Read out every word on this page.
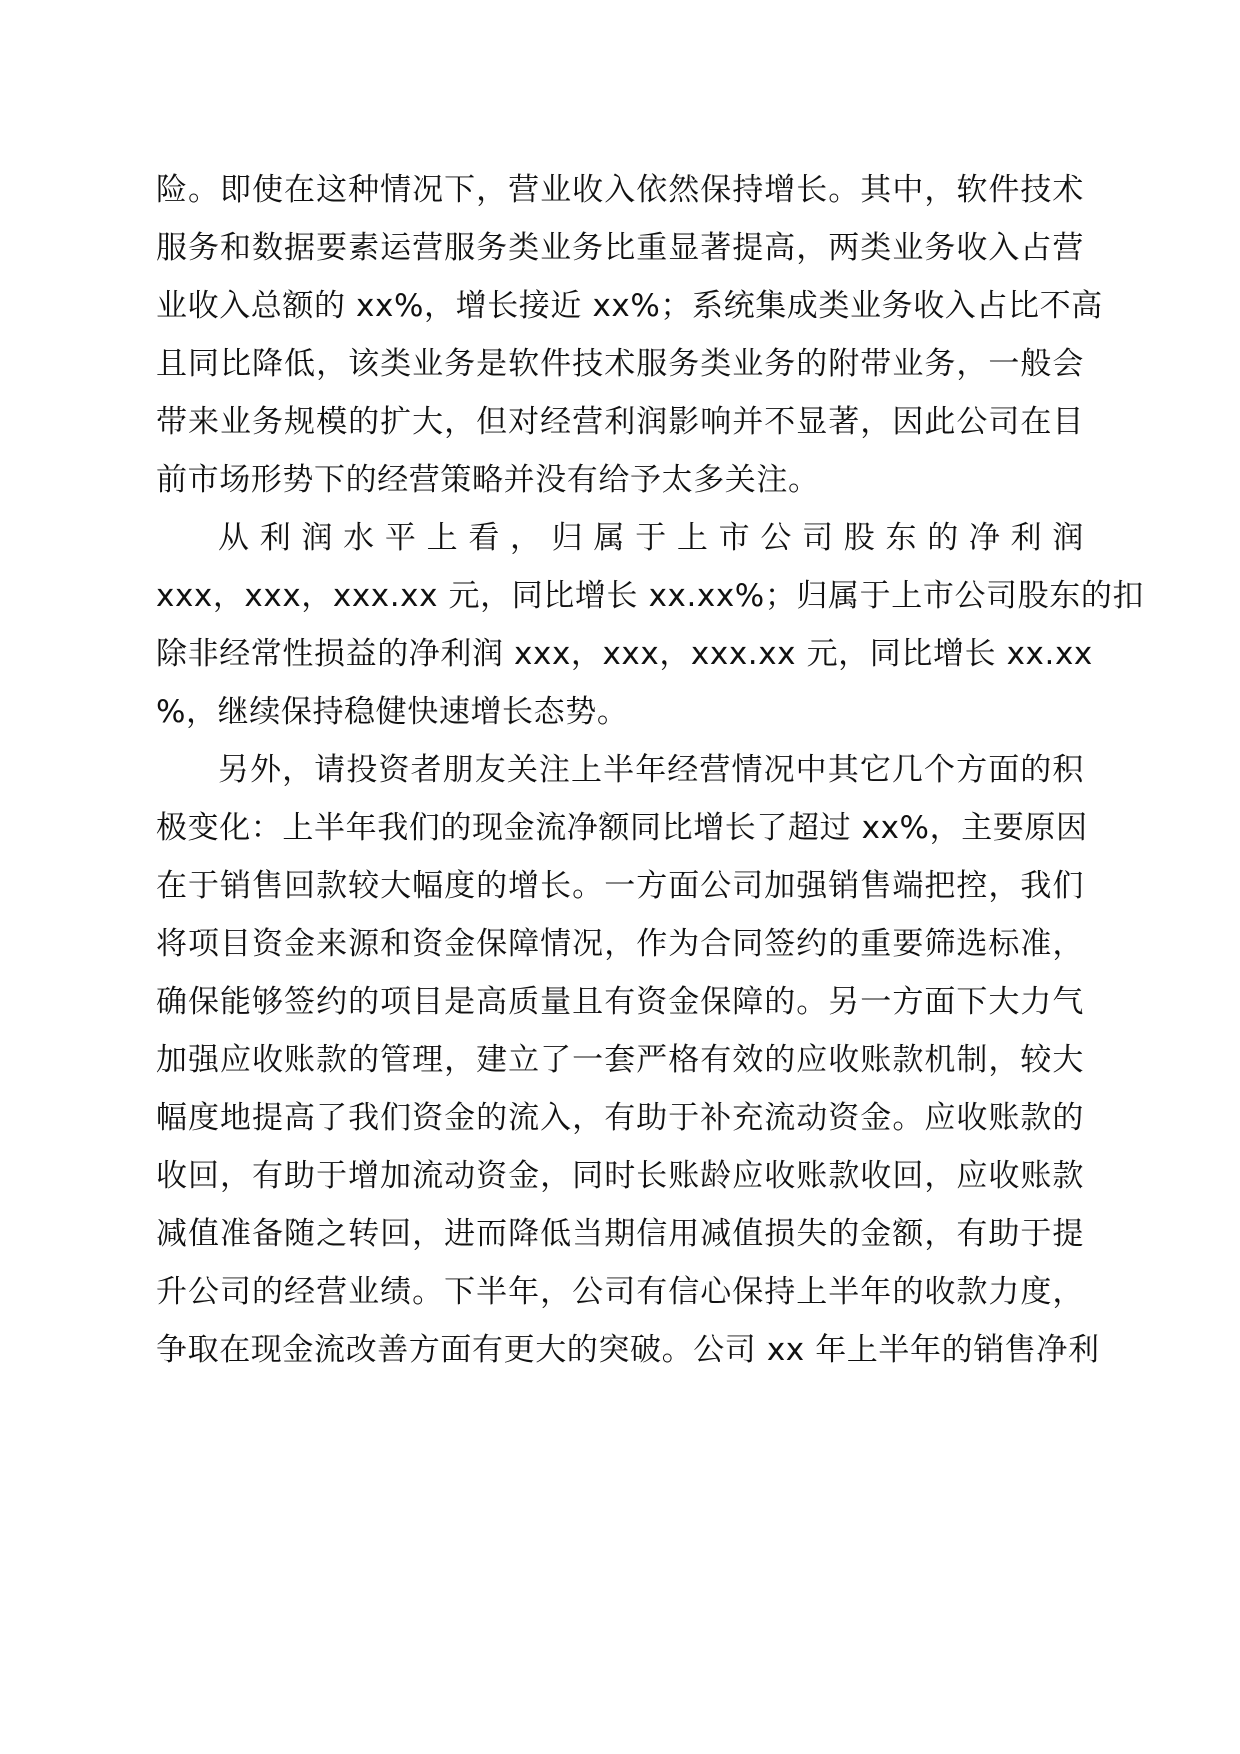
险。即使在这种情况下，营业收入依然保持增长。其中，软件技术
服务和数据要素运营服务类业务比重显著提高，两类业务收入占营
业收入总额的 xx%，增长接近 xx%；系统集成类业务收入占比不高
且同比降低，该类业务是软件技术服务类业务的附带业务，一般会
带来业务规模的扩大，但对经营利润影响并不显著，因此公司在目
前市场形势下的经营策略并没有给予太多关注。
从利润水平上看，归属于上市公司股东的净利润
xxx，xxx，xxx.xx 元，同比增长 xx.xx%；归属于上市公司股东的扣
除非经常性损益的净利润 xxx，xxx，xxx.xx 元，同比增长 xx.xx
%，继续保持稳健快速增长态势。
另外，请投资者朋友关注上半年经营情况中其它几个方面的积
极变化：上半年我们的现金流净额同比增长了超过 xx%，主要原因
在于销售回款较大幅度的增长。一方面公司加强销售端把控，我们
将项目资金来源和资金保障情况，作为合同签约的重要筛选标准，
确保能够签约的项目是高质量且有资金保障的。另一方面下大力气
加强应收账款的管理，建立了一套严格有效的应收账款机制，较大
幅度地提高了我们资金的流入，有助于补充流动资金。应收账款的
收回，有助于增加流动资金，同时长账龄应收账款收回，应收账款
减值准备随之转回，进而降低当期信用减值损失的金额，有助于提
升公司的经营业绩。下半年，公司有信心保持上半年的收款力度，
争取在现金流改善方面有更大的突破。公司 xx 年上半年的销售净利
